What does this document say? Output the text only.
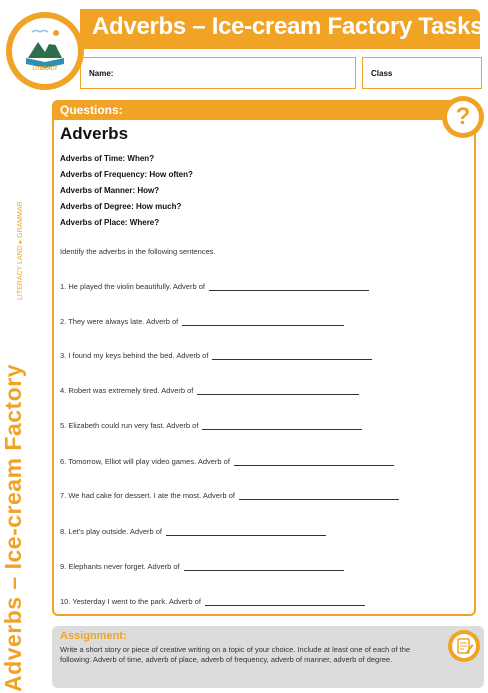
Adverbs – Ice-cream Factory Tasks
LITERACY	Name:	Class
Adverbs – Ice-cream Factory
LITERACY LAND ▸ GRAMMAR
Questions:	?
Adverbs
Adverbs of Time: When?
Adverbs of Frequency: How often?
Adverbs of Manner: How?
Adverbs of Degree: How much?
Adverbs of Place: Where?
Identify the adverbs in the following sentences.
1. He played the violin beautifully. Adverb of
2. They were always late. Adverb of
3. I found my keys behind the bed. Adverb of
4. Robert was extremely tired. Adverb of
5. Elizabeth could run very fast. Adverb of
6. Tomorrow, Elliot will play video games. Adverb of
7. We had cake for dessert. I ate the most. Adverb of
8. Let’s play outside. Adverb of
9. Elephants never forget. Adverb of
10. Yesterday I went to the park. Adverb of
Assignment:
Write a short story or piece of creative writing on a topic of your choice. Include at least one of each of the following: Adverb of time, adverb of place, adverb of frequency, adverb of manner, adverb of degree.
